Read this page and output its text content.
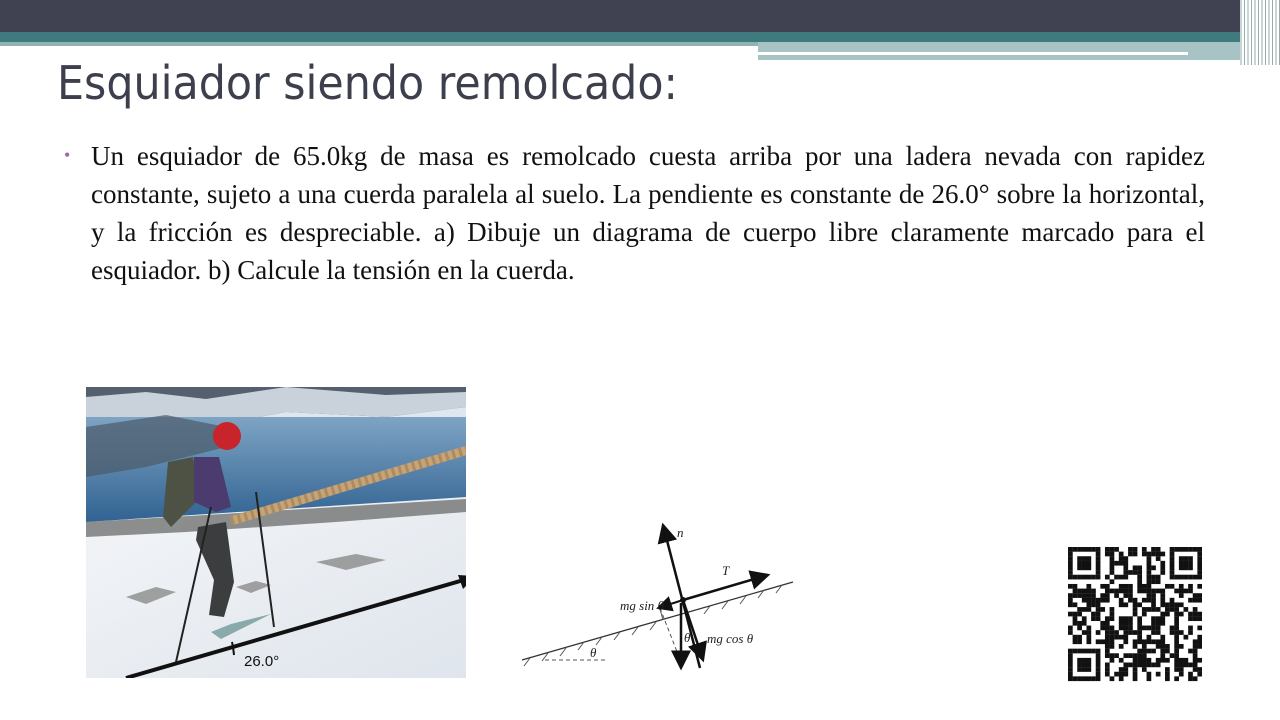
Esquiador siendo remolcado:
• Un esquiador de 65.0kg de masa es remolcado cuesta arriba por una ladera nevada con rapidez constante, sujeto a una cuerda paralela al suelo. La pendiente es constante de 26.0° sobre la horizontal, y la fricción es despreciable. a) Dibuje un diagrama de cuerpo libre claramente marcado para el esquiador. b) Calcule la tensión en la cuerda.
26.0°
n
T
mg sin θ
mg cos θ
θ
θ
